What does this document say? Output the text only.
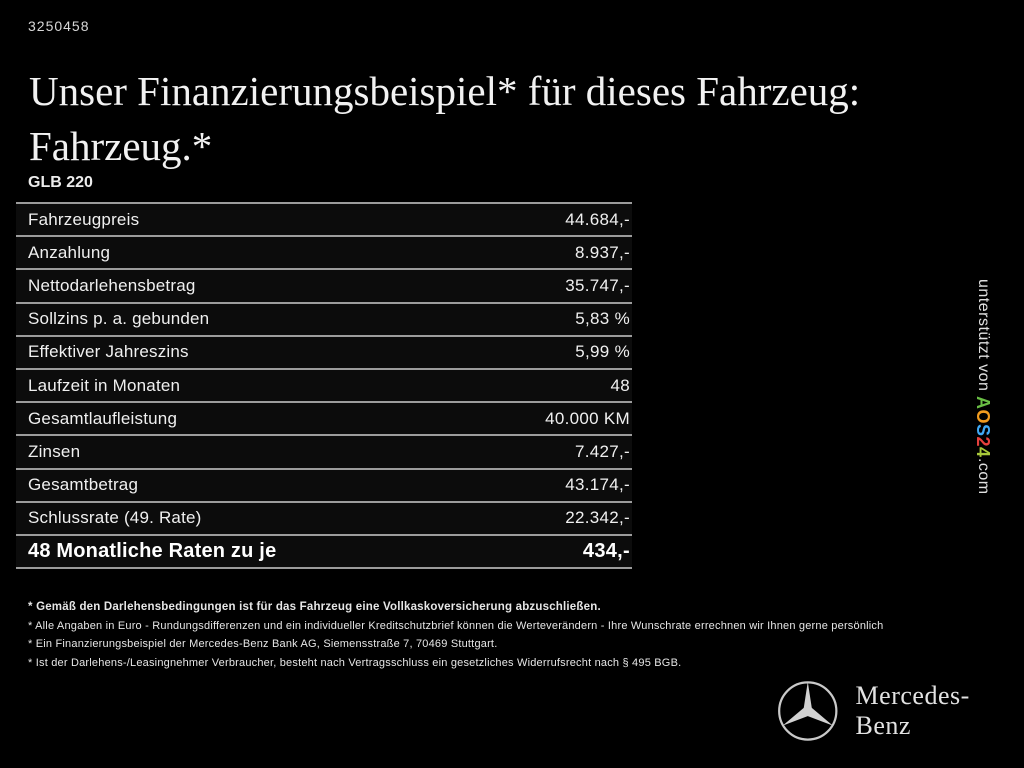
3250458
Unser Finanzierungsbeispiel* für dieses Fahrzeug:
Fahrzeug.*
GLB 220
Fahrzeugpreis	44.684,-
Anzahlung	8.937,-
Nettodarlehensbetrag	35.747,-
Sollzins p. a. gebunden	5,83 %
Effektiver Jahreszins	5,99 %
Laufzeit in Monaten	48
Gesamtlaufleistung	40.000 KM
Zinsen	7.427,-
Gesamtbetrag	43.174,-
Schlussrate (49. Rate)	22.342,-
48 Monatliche Raten zu je	434,-
* Gemäß den Darlehensbedingungen ist für das Fahrzeug eine Vollkaskoversicherung abzuschließen.
* Alle Angaben in Euro - Rundungsdifferenzen und ein individueller Kreditschutzbrief können die Werteverändern - Ihre Wunschrate errechnen wir Ihnen gerne persönlich
* Ein Finanzierungsbeispiel der Mercedes-Benz Bank AG, Siemensstraße 7, 70469 Stuttgart.
* Ist der Darlehens-/Leasingnehmer Verbraucher, besteht nach Vertragsschluss ein gesetzliches Widerrufsrecht nach § 495 BGB.
unterstützt von AOS24.com
Mercedes-Benz
